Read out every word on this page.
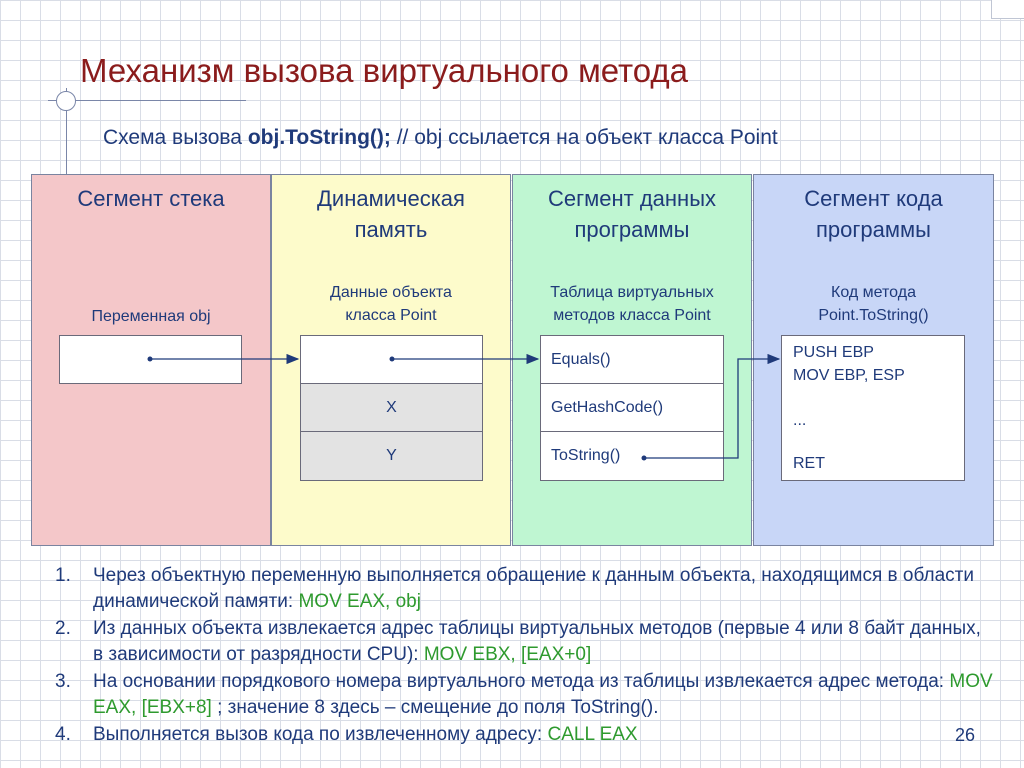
Механизм вызова виртуального метода
Схема вызова obj.ToString(); // obj ссылается на объект класса Point
Сегмент стека
Переменная obj
Динамическая
память
Данные объекта
класса Point
Сегмент данных
программы
Таблица виртуальных
методов класса Point
Сегмент кода
программы
Код метода
Point.ToString()
X
Y
Equals()
GetHashCode()
ToString()
PUSH EBP
MOV EBP, ESP
...
RET
1.	Через объектную переменную выполняется обращение к данным объекта, находящимся в области динамической памяти: MOV EAX, obj
2.	Из данных объекта извлекается адрес таблицы виртуальных методов (первые 4 или 8 байт данных, в зависимости от разрядности CPU): MOV EBX, [EAX+0]
3.	На основании порядкового номера виртуального метода из таблицы извлекается адрес метода: MOV EAX, [EBX+8] ; значение 8 здесь – смещение до поля ToString().
4.	Выполняется вызов кода по извлеченному адресу: CALL EAX	26
